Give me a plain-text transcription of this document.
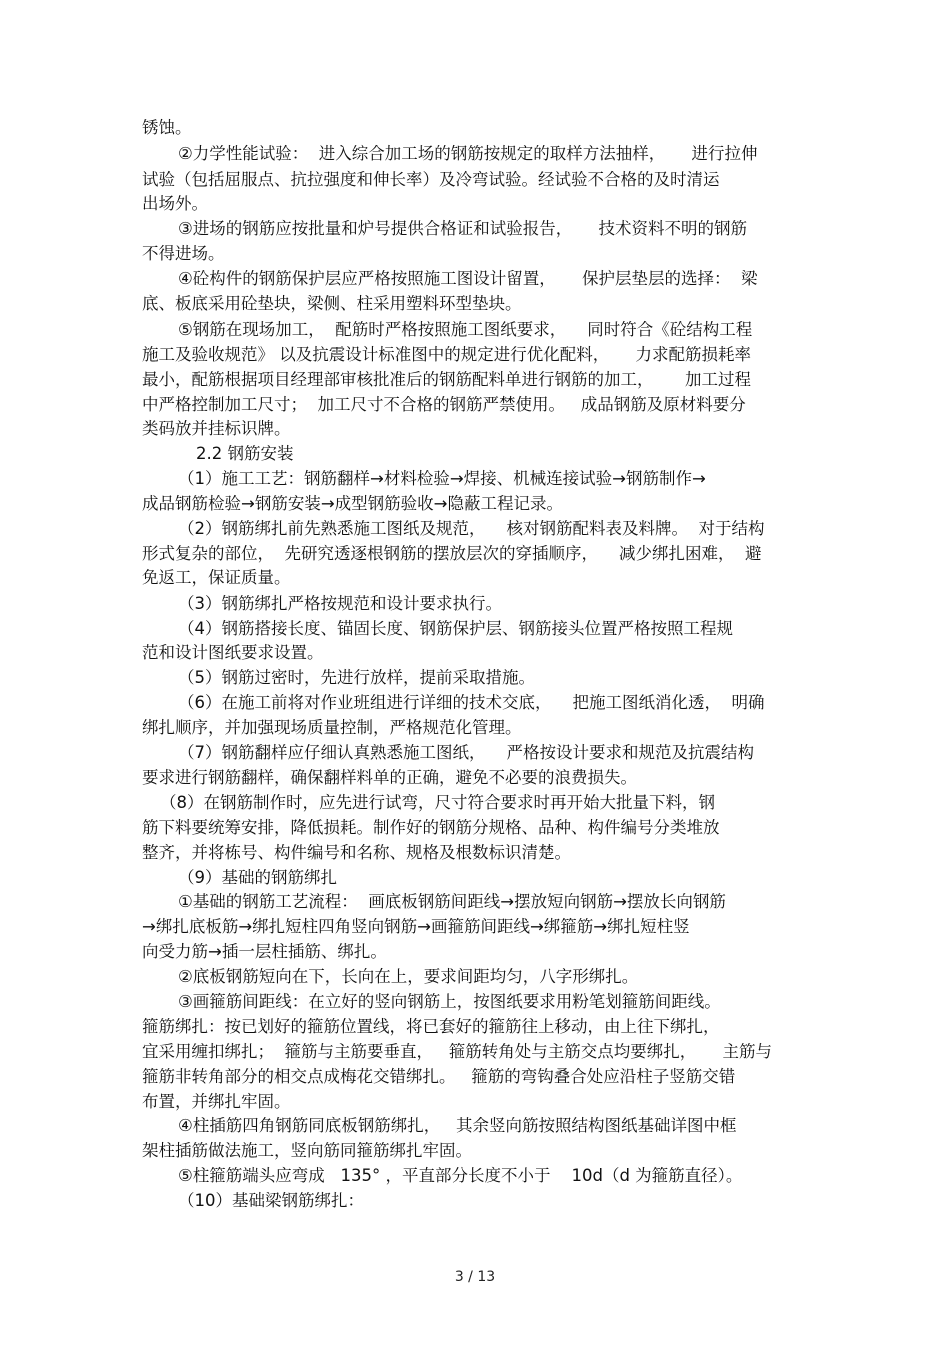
锈蚀。
②力学性能试验：  进入综合加工场的钢筋按规定的取样方法抽样，     进行拉伸
试验（包括屈服点、抗拉强度和伸长率）及冷弯试验。经试验不合格的及时清运
出场外。
③进场的钢筋应按批量和炉号提供合格证和试验报告，     技术资料不明的钢筋
不得进场。
④砼构件的钢筋保护层应严格按照施工图设计留置，     保护层垫层的选择：  梁
底、板底采用砼垫块，梁侧、柱采用塑料环型垫块。
⑤钢筋在现场加工，  配筋时严格按照施工图纸要求，    同时符合《砼结构工程
施工及验收规范》 以及抗震设计标准图中的规定进行优化配料，     力求配筋损耗率
最小，配筋根据项目经理部审核批准后的钢筋配料单进行钢筋的加工，      加工过程
中严格控制加工尺寸；  加工尺寸不合格的钢筋严禁使用。   成品钢筋及原材料要分
类码放并挂标识牌。
2.2 钢筋安装
（1）施工工艺：钢筋翻样→材料检验→焊接、机械连接试验→钢筋制作→
成品钢筋检验→钢筋安装→成型钢筋验收→隐蔽工程记录。
（2）钢筋绑扎前先熟悉施工图纸及规范，    核对钢筋配料表及料牌。  对于结构
形式复杂的部位，  先研究透逐根钢筋的摆放层次的穿插顺序，    减少绑扎困难，  避
免返工，保证质量。
（3）钢筋绑扎严格按规范和设计要求执行。
（4）钢筋搭接长度、锚固长度、钢筋保护层、钢筋接头位置严格按照工程规
范和设计图纸要求设置。
（5）钢筋过密时，先进行放样，提前采取措施。
（6）在施工前将对作业班组进行详细的技术交底，    把施工图纸消化透，  明确
绑扎顺序，并加强现场质量控制，严格规范化管理。
（7）钢筋翻样应仔细认真熟悉施工图纸，    严格按设计要求和规范及抗震结构
要求进行钢筋翻样，确保翻样料单的正确，避免不必要的浪费损失。
（8）在钢筋制作时，应先进行试弯，尺寸符合要求时再开始大批量下料，钢
筋下料要统筹安排，降低损耗。制作好的钢筋分规格、品种、构件编号分类堆放
整齐，并将栋号、构件编号和名称、规格及根数标识清楚。
（9）基础的钢筋绑扎
①基础的钢筋工艺流程：  画底板钢筋间距线→摆放短向钢筋→摆放长向钢筋
→绑扎底板筋→绑扎短柱四角竖向钢筋→画箍筋间距线→绑箍筋→绑扎短柱竖
向受力筋→插一层柱插筋、绑扎。
②底板钢筋短向在下，长向在上，要求间距均匀，八字形绑扎。
③画箍筋间距线：在立好的竖向钢筋上，按图纸要求用粉笔划箍筋间距线。
箍筋绑扎：按已划好的箍筋位置线，将已套好的箍筋往上移动，由上往下绑扎，
宜采用缠扣绑扎；  箍筋与主筋要垂直，   箍筋转角处与主筋交点均要绑扎，     主筋与
箍筋非转角部分的相交点成梅花交错绑扎。   箍筋的弯钩叠合处应沿柱子竖筋交错
布置，并绑扎牢固。
④柱插筋四角钢筋同底板钢筋绑扎，   其余竖向筋按照结构图纸基础详图中框
架柱插筋做法施工，竖向筋同箍筋绑扎牢固。
⑤柱箍筋端头应弯成   135° ，平直部分长度不小于    10d（d 为箍筋直径）。
（10）基础梁钢筋绑扎：
3 / 13
